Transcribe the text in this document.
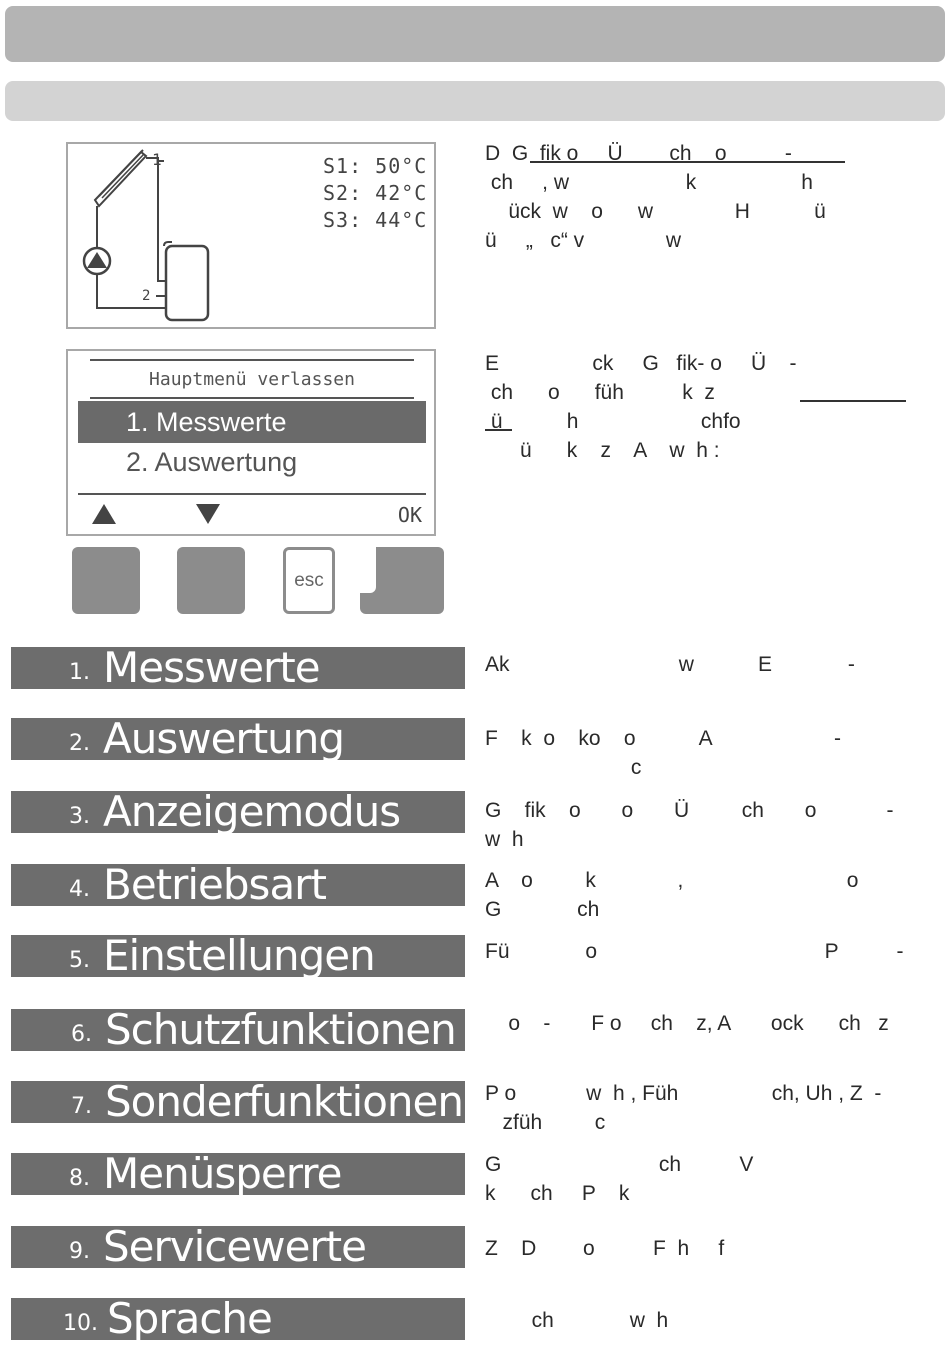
1
2
S1: 50°C
S2: 42°C
S3: 44°C
Hauptmenü verlassen
1. Messwerte
2. Auswertung
OK
esc

D  G  fik o     Ü        ch    o          -
ch     , w                    k                  h
ück  w    o      w              H           ü
ü     „   c“ v              w

E                ck     G   fik- o     Ü    -
ch      o      füh          k  z
ü           h                     chfo
ü      k    z    A    w  h :

1. Messwerte	Ak                             w           E             -

2. Auswertung	F    k  o    ko    o           A                     -
c

3. Anzeigemodus	G    fik    o       o       Ü         ch       o            -
w  h

4. Betriebsart	A    o         k              ,                            o
G             ch

5. Einstellungen	Fü             o                                       P          -

6. Schutzfunktionen o    -       F o     ch    z, A       ock      ch   z

7. Sonderfunktionen P o            w  h , Füh                ch, Uh , Z  -
zfüh         c

8. Menüsperre	G                           ch          V
k      ch     P    k

9. Servicewerte	Z    D        o          F  h     f

10. Sprache	ch             w  h
